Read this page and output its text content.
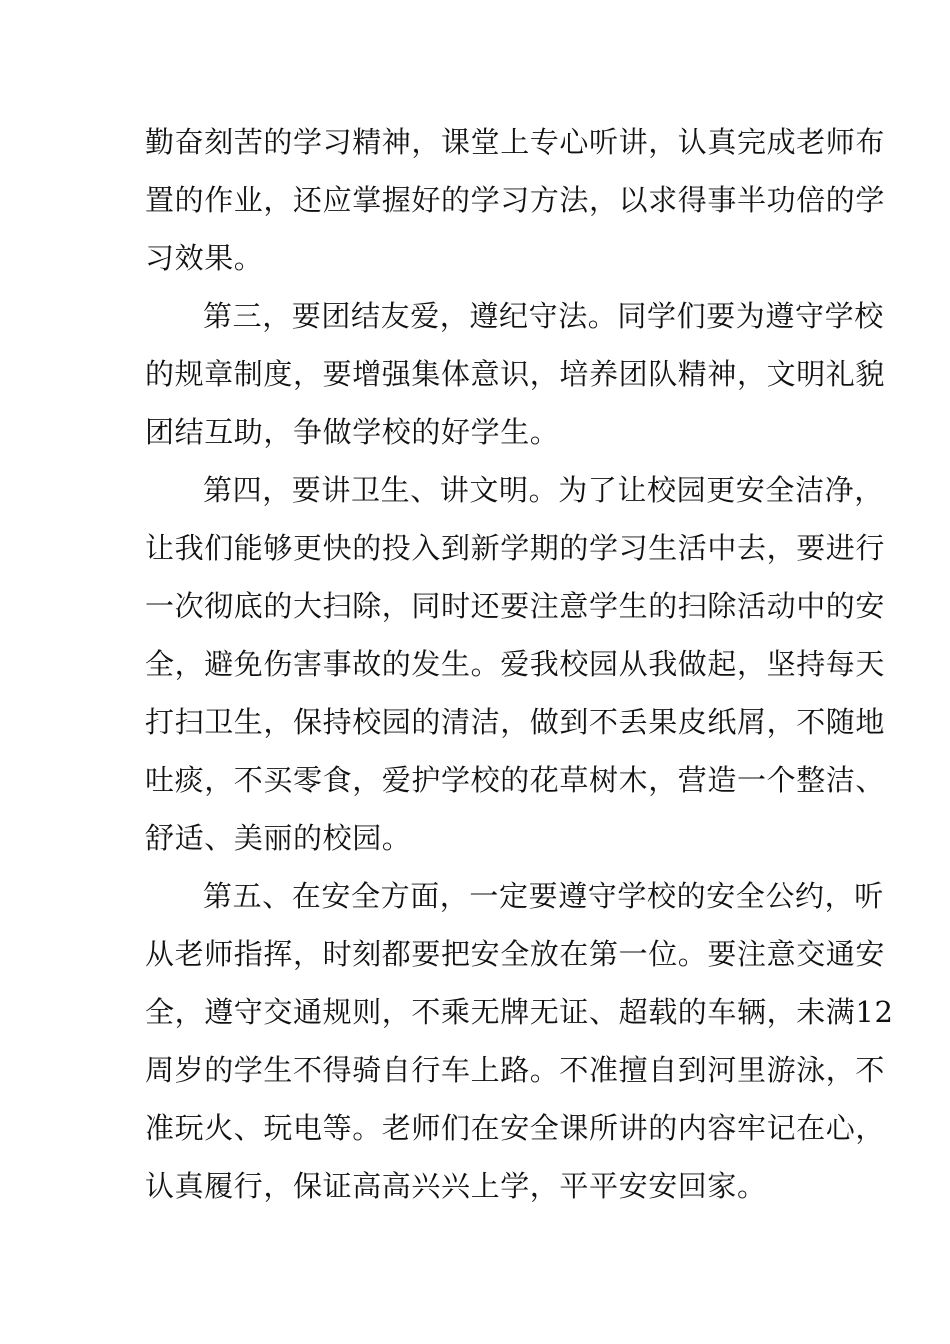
勤奋刻苦的学习精神，课堂上专心听讲，认真完成老师布
置的作业，还应掌握好的学习方法，以求得事半功倍的学
习效果。
第三，要团结友爱，遵纪守法。同学们要为遵守学校
的规章制度，要增强集体意识，培养团队精神，文明礼貌
团结互助，争做学校的好学生。
第四，要讲卫生、讲文明。为了让校园更安全洁净，
让我们能够更快的投入到新学期的学习生活中去，要进行
一次彻底的大扫除，同时还要注意学生的扫除活动中的安
全，避免伤害事故的发生。爱我校园从我做起，坚持每天
打扫卫生，保持校园的清洁，做到不丢果皮纸屑，不随地
吐痰，不买零食，爱护学校的花草树木，营造一个整洁、
舒适、美丽的校园。
第五、在安全方面，一定要遵守学校的安全公约，听
从老师指挥，时刻都要把安全放在第一位。要注意交通安
全，遵守交通规则，不乘无牌无证、超载的车辆，未满12
周岁的学生不得骑自行车上路。不准擅自到河里游泳，不
准玩火、玩电等。老师们在安全课所讲的内容牢记在心，
认真履行，保证高高兴兴上学，平平安安回家。
